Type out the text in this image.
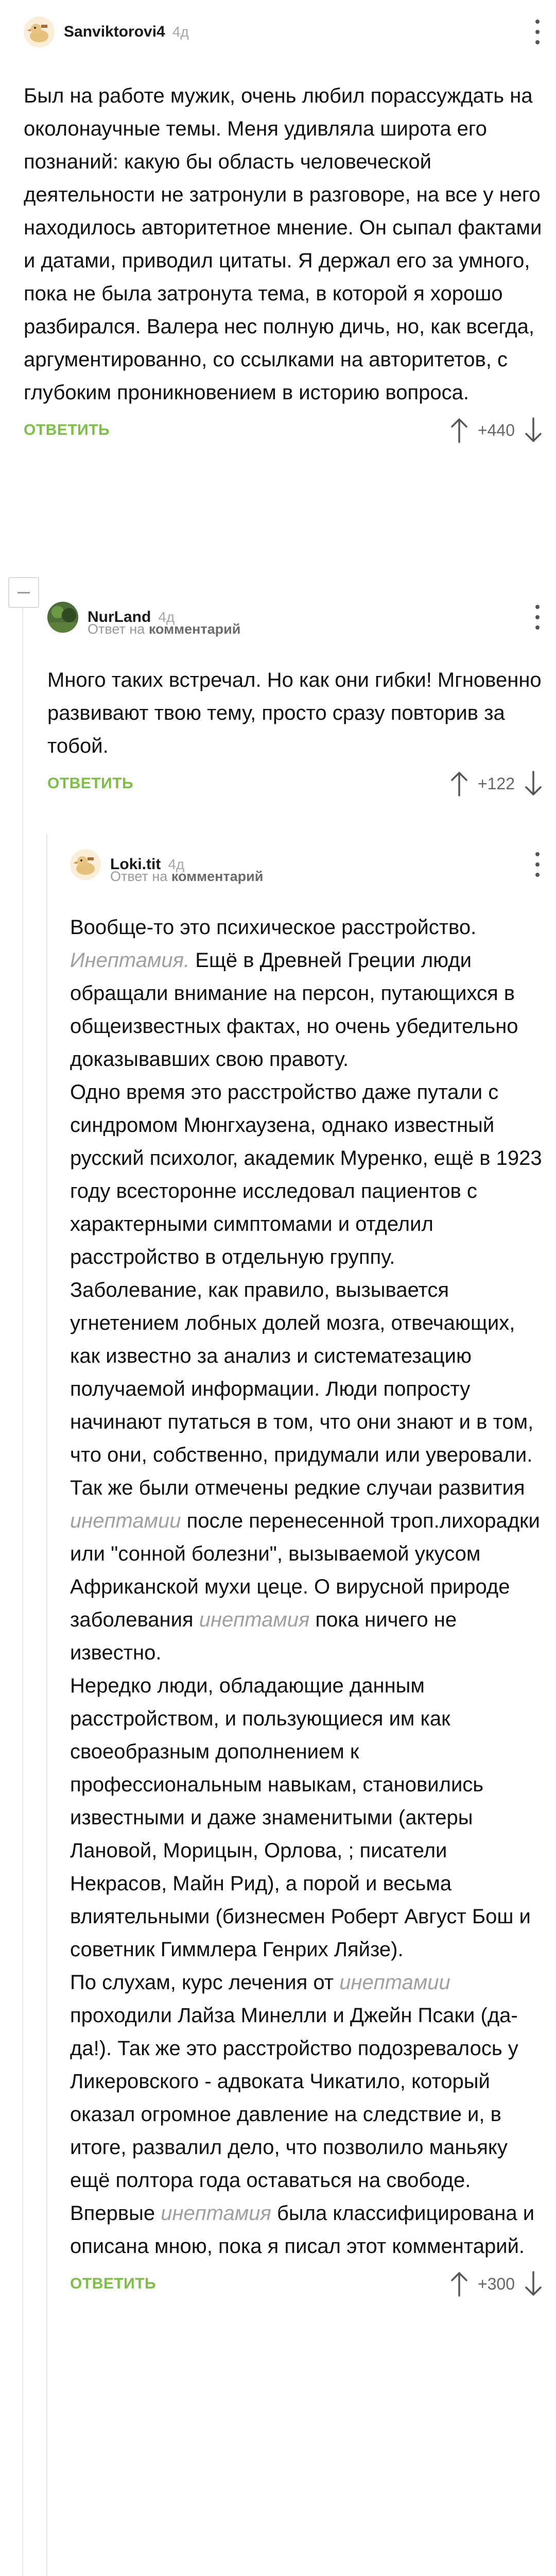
Sanviktorovi4 4д

Был на работе мужик, очень любил порассуждать на околонаучные темы. Меня удивляла широта его познаний: какую бы область человеческой деятельности не затронули в разговоре, на все у него находилось авторитетное мнение. Он сыпал фактами и датами, приводил цитаты. Я держал его за умного, пока не была затронута тема, в которой я хорошо разбирался. Валера нес полную дичь, но, как всегда, аргументированно, со ссылками на авторитетов, с глубоким проникновением в историю вопроса.

ОТВЕТИТЬ	+440
NurLand 4д
Ответ на комментарий

Много таких встречал. Но как они гибки! Мгновенно развивают твою тему, просто сразу повторив за тобой.

ОТВЕТИТЬ	+122
Loki.tit 4д
Ответ на комментарий

Вообще-то это психическое расстройство. Инептамия. Ещё в Древней Греции люди обращали внимание на персон, путающихся в общеизвестных фактах, но очень убедительно доказывавших свою правоту.

Одно время это расстройство даже путали с синдромом Мюнгхаузена, однако известный русский психолог, академик Муренко, ещё в 1923 году всесторонне исследовал пациентов с характерными симптомами и отделил расстройство в отдельную группу.

Заболевание, как правило, вызывается угнетением лобных долей мозга, отвечающих, как известно за анализ и систематезацию получаемой информации. Люди попросту начинают путаться в том, что они знают и в том, что они, собственно, придумали или уверовали. Так же были отмечены редкие случаи развития инептамии после перенесенной троп.лихорадки или "сонной болезни", вызываемой укусом Африканской мухи цеце. О вирусной природе заболевания инептамия пока ничего не известно.

Нередко люди, обладающие данным расстройством, и пользующиеся им как своеобразным дополнением к профессиональным навыкам, становились известными и даже знаменитыми (актеры Лановой, Морицын, Орлова, ; писатели Некрасов, Майн Рид), а порой и весьма влиятельными (бизнесмен Роберт Август Бош и советник Гиммлера Генрих Ляйзе).

По слухам, курс лечения от инептамии проходили Лайза Минелли и Джейн Псаки (да-да!). Так же это расстройство подозревалось у Ликеровского - адвоката Чикатило, который оказал огромное давление на следствие и, в итоге, развалил дело, что позволило маньяку ещё полтора года оставаться на свободе.

Впервые инептамия была классифицирована и описана мною, пока я писал этот комментарий.

ОТВЕТИТЬ	+300
